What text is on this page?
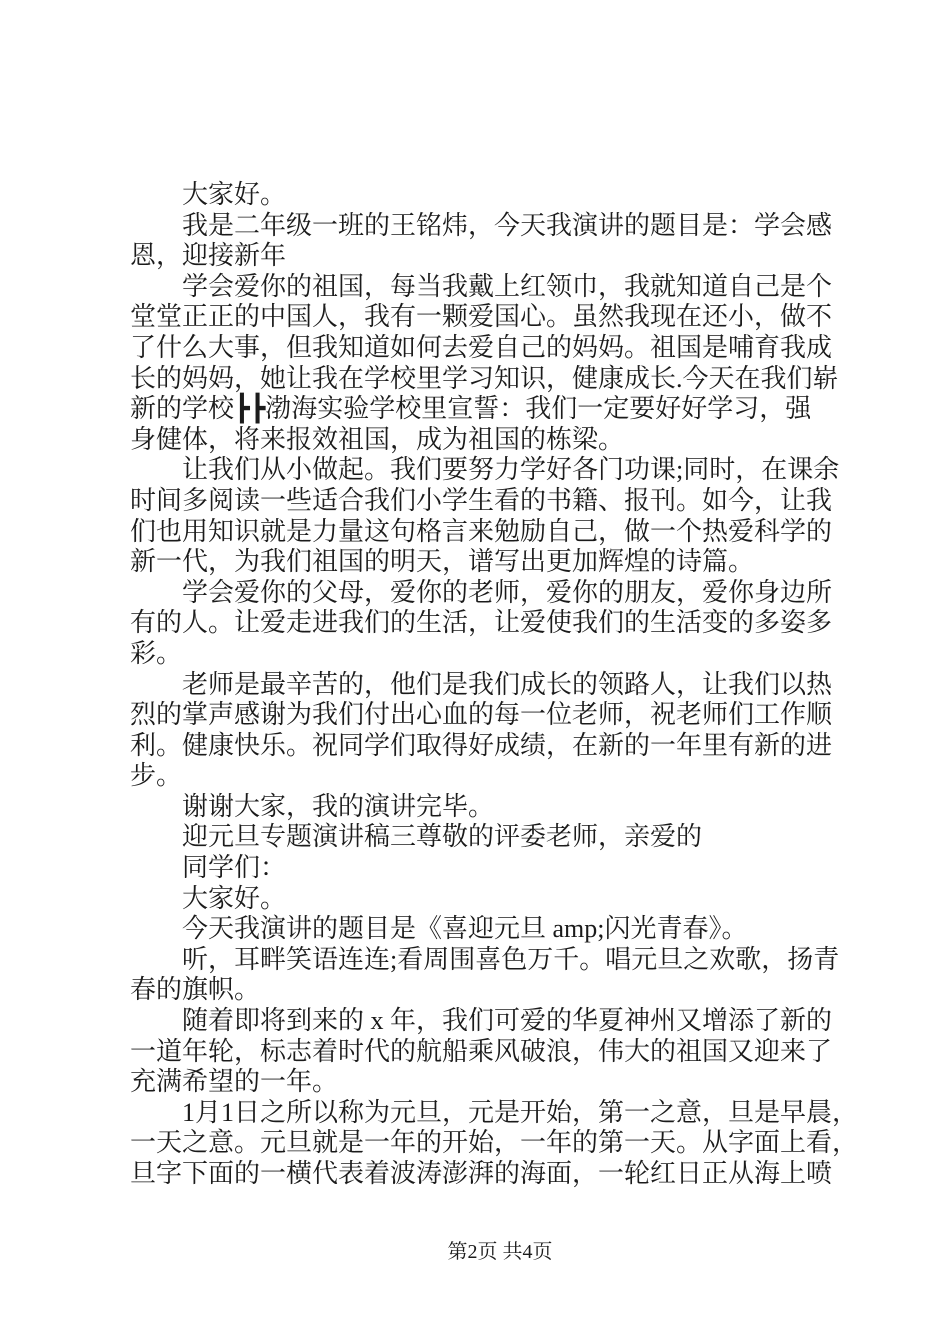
大家好。
我是二年级一班的王铭炜，今天我演讲的题目是：学会感
恩，迎接新年
学会爱你的祖国，每当我戴上红领巾，我就知道自己是个
堂堂正正的中国人，我有一颗爱国心。虽然我现在还小，做不
了什么大事，但我知道如何去爱自己的妈妈。祖国是哺育我成
长的妈妈，她让我在学校里学习知识，健康成长.今天在我们崭
新的学校┣┣渤海实验学校里宣誓：我们一定要好好学习，强
身健体，将来报效祖国，成为祖国的栋梁。
让我们从小做起。我们要努力学好各门功课;同时，在课余
时间多阅读一些适合我们小学生看的书籍、报刊。如今，让我
们也用知识就是力量这句格言来勉励自己，做一个热爱科学的
新一代，为我们祖国的明天，谱写出更加辉煌的诗篇。
学会爱你的父母，爱你的老师，爱你的朋友，爱你身边所
有的人。让爱走进我们的生活，让爱使我们的生活变的多姿多
彩。
老师是最辛苦的，他们是我们成长的领路人，让我们以热
烈的掌声感谢为我们付出心血的每一位老师，祝老师们工作顺
利。健康快乐。祝同学们取得好成绩，在新的一年里有新的进
步。
谢谢大家，我的演讲完毕。
迎元旦专题演讲稿三尊敬的评委老师，亲爱的
同学们：
大家好。
今天我演讲的题目是《喜迎元旦 amp;闪光青春》。
听，耳畔笑语连连;看周围喜色万千。唱元旦之欢歌，扬青
春的旗帜。
随着即将到来的 x 年，我们可爱的华夏神州又增添了新的
一道年轮，标志着时代的航船乘风破浪，伟大的祖国又迎来了
充满希望的一年。
1月1日之所以称为元旦，元是开始，第一之意，旦是早晨，
一天之意。元旦就是一年的开始，一年的第一天。从字面上看，
旦字下面的一横代表着波涛澎湃的海面，一轮红日正从海上喷
第2页 共4页
